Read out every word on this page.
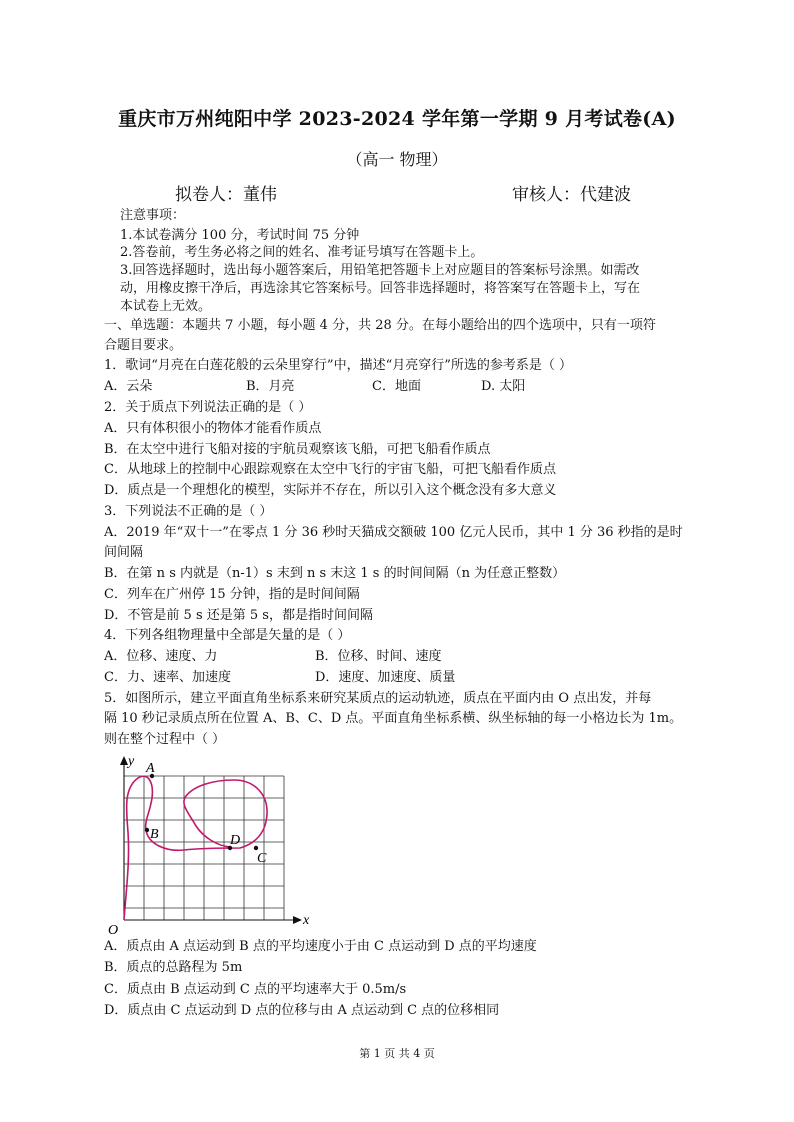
重庆市万州纯阳中学 2023-2024 学年第一学期 9 月考试卷(A)
（高一 物理）
拟卷人：董伟	审核人：代建波
注意事项：
1.本试卷满分 100 分，考试时间 75 分钟
2.答卷前，考生务必将之间的姓名、准考证号填写在答题卡上。
3.回答选择题时，选出每小题答案后，用铅笔把答题卡上对应题目的答案标号涂黑。如需改
动，用橡皮擦干净后，再选涂其它答案标号。回答非选择题时，将答案写在答题卡上，写在
本试卷上无效。
一、单选题：本题共 7 小题，每小题 4 分，共 28 分。在每小题给出的四个选项中，只有一项符
合题目要求。
1．歌词“月亮在白莲花般的云朵里穿行”中，描述“月亮穿行”所选的参考系是（ ）
A．云朵	B．月亮	C．地面	D. 太阳
2．关于质点下列说法正确的是（ ）
A．只有体积很小的物体才能看作质点
B．在太空中进行飞船对接的宇航员观察该飞船，可把飞船看作质点
C．从地球上的控制中心跟踪观察在太空中飞行的宇宙飞船，可把飞船看作质点
D．质点是一个理想化的模型，实际并不存在，所以引入这个概念没有多大意义
3．下列说法不正确的是（ ）
A．2019 年“双十一”在零点 1 分 36 秒时天猫成交额破 100 亿元人民币，其中 1 分 36 秒指的是时
间间隔
B．在第 n s 内就是（n-1）s 末到 n s 末这 1 s 的时间间隔（n 为任意正整数）
C．列车在广州停 15 分钟，指的是时间间隔
D．不管是前 5 s 还是第 5 s，都是指时间间隔
4．下列各组物理量中全部是矢量的是（ ）
A．位移、速度、力	B．位移、时间、速度
C．力、速率、加速度	D．速度、加速度、质量
5．如图所示，建立平面直角坐标系来研究某质点的运动轨迹，质点在平面内由 O 点出发，并每
隔 10 秒记录质点所在位置 A、B、C、D 点。平面直角坐标系横、纵坐标轴的每一小格边长为 1m。
则在整个过程中（ ）
y
x
O
A
B	D
C
A．质点由 A 点运动到 B 点的平均速度小于由 C 点运动到 D 点的平均速度
B．质点的总路程为 5m
C．质点由 B 点运动到 C 点的平均速率大于 0.5m/s
D．质点由 C 点运动到 D 点的位移与由 A 点运动到 C 点的位移相同
第 1 页 共 4 页
